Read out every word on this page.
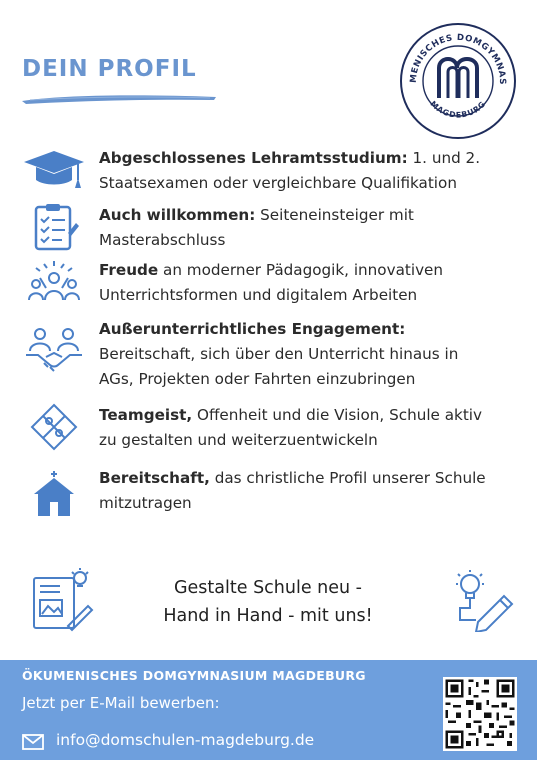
DEIN PROFIL	MENISCHES DOMGYMNAS
MAGDEBURG

Abgeschlossenes Lehramtsstudium: 1. und 2.
Staatsexamen oder vergleichbare Qualifikation

Auch willkommen: Seiteneinsteiger mit
Masterabschluss

Freude an moderner Pädagogik, innovativen
Unterrichtsformen und digitalem Arbeiten

Außerunterrichtliches Engagement:
Bereitschaft, sich über den Unterricht hinaus in
AGs, Projekten oder Fahrten einzubringen

Teamgeist, Offenheit und die Vision, Schule aktiv
zu gestalten und weiterzuentwickeln

Bereitschaft, das christliche Profil unserer Schule
mitzutragen

Gestalte Schule neu -
Hand in Hand - mit uns!
ÖKUMENISCHES DOMGYMNASIUM MAGDEBURG
Jetzt per E-Mail bewerben:
info@domschulen-magdeburg.de
